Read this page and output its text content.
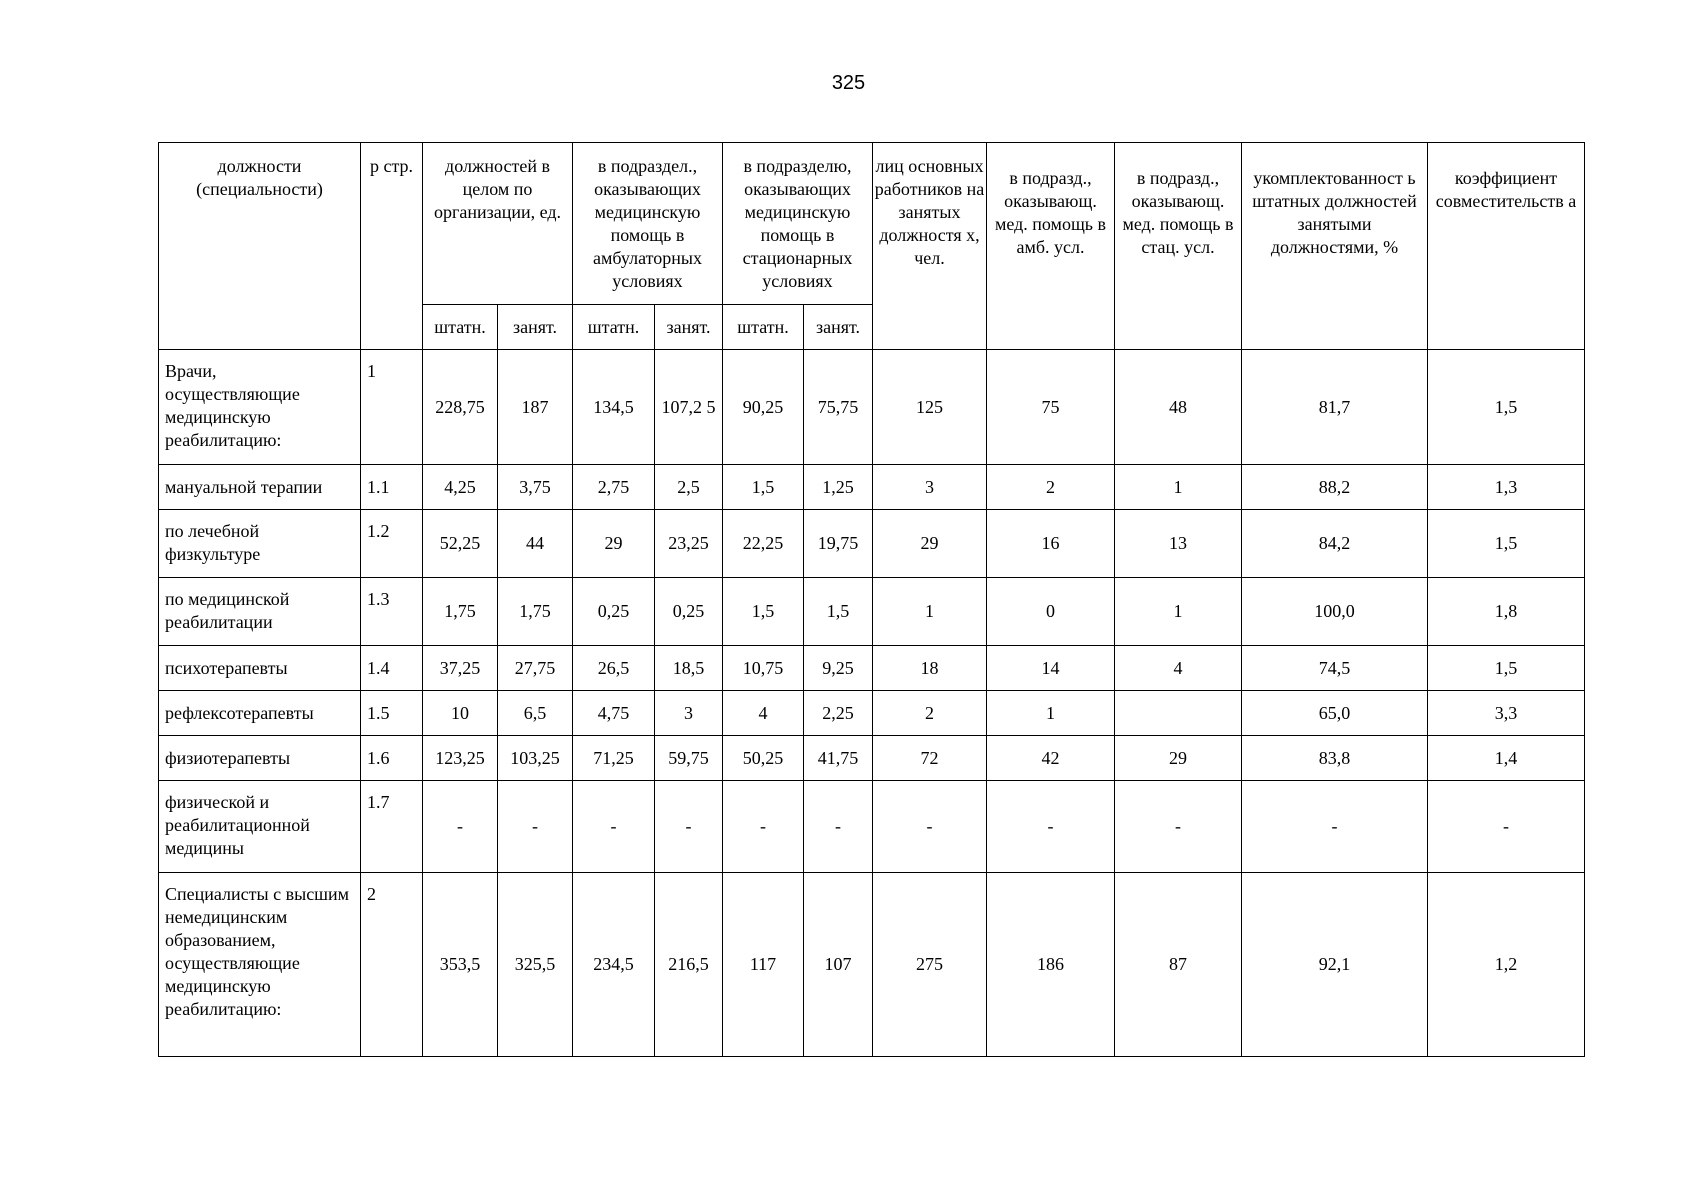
325
должности (специальности)	р стр.	должностей в целом по организации, ед.		в подраздел., оказывающих медицинскую помощь в амбулаторных условиях		в подразделю, оказывающих медицинскую помощь в стационарных условиях		лиц основных работников на занятых должностя х, чел.	в подразд., оказывающ. мед. помощь в амб. усл.	в подразд., оказывающ. мед. помощь в стац. усл.	укомплектованност ь штатных должностей занятыми должностями, %	коэффициент совместительств а
		штатн.	занят.	штатн.	занят.	штатн.	занят.					
Врачи, осуществляющие медицинскую реабилитацию:	1	228,75	187	134,5	107,2 5	90,25	75,75	125	75	48	81,7	1,5
мануальной терапии	1.1	4,25	3,75	2,75	2,5	1,5	1,25	3	2	1	88,2	1,3
по лечебной физкультуре	1.2	52,25	44	29	23,25	22,25	19,75	29	16	13	84,2	1,5
по медицинской реабилитации	1.3	1,75	1,75	0,25	0,25	1,5	1,5	1	0	1	100,0	1,8
психотерапевты	1.4	37,25	27,75	26,5	18,5	10,75	9,25	18	14	4	74,5	1,5
рефлексотерапевты	1.5	10	6,5	4,75	3	4	2,25	2	1		65,0	3,3
физиотерапевты	1.6	123,25	103,25	71,25	59,75	50,25	41,75	72	42	29	83,8	1,4
физической и реабилитационной медицины	1.7	-	-	-	-	-	-	-	-	-	-	-
Специалисты с высшим немедицинским образованием, осуществляющие медицинскую реабилитацию:	2	353,5	325,5	234,5	216,5	117	107	275	186	87	92,1	1,2
